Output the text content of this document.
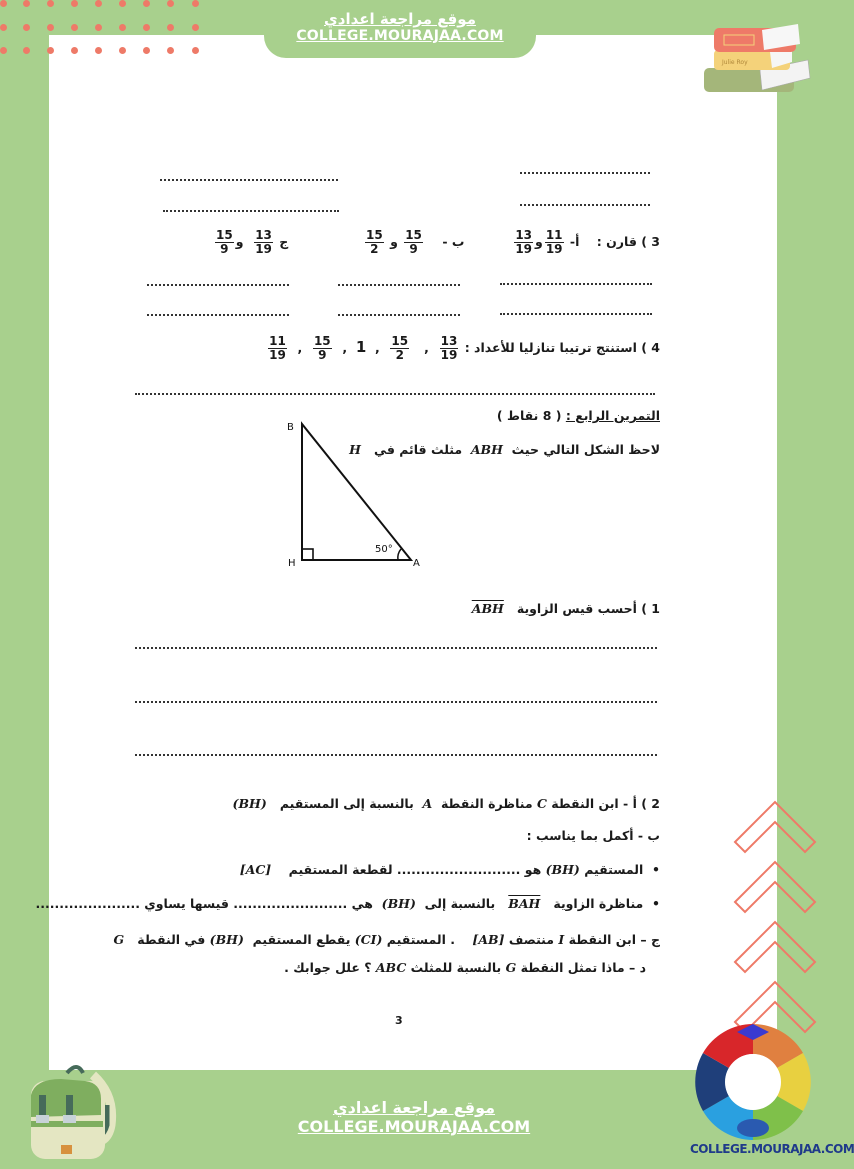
موقع مراجعة اعدادي
COLLEGE.MOURAJAA.COM
Julie Roy
COLLEGE.MOURAJAA.COM
موقع مراجعة اعدادي
COLLEGE.MOURAJAA.COM
3 ) قارن :    أ-
$\frac{11}{19}$
و
$\frac{13}{19}$
ب -
$\frac{15}{9}$
و
$\frac{15}{2}$
ج
$\frac{13}{19}$
و
$\frac{15}{9}$
4 ) استنتج ترتيبا تنازليا للأعداد :
$\frac{13}{19}$
,
$\frac{15}{2}$
,  1  ,
$\frac{15}{9}$
,
$\frac{11}{19}$
التمرين الرابع : ( 8 نقاط )
لاحظ الشكل التالي حيث  ABH  مثلث قائم في   H
B
H	A
50°
1 ) أحسب قيس الزاوية   ABH
2 ) أ - ابن النقطة C مناظرة النقطة  A  بالنسبة إلى المستقيم   (BH)
ب - أكمل بما يناسب :
•  المستقيم (BH) هو .......................... لقطعة المستقيم    [AC]
•  مناظرة الزاوية   BAH   بالنسبة إلى  (BH)  هي ........................ قيسها يساوي ......................
ج – ابن النقطة I منتصف [AB]    . المستقيم (CI) يقطع المستقيم  (BH) في النقطة   G
د – ماذا تمثل النقطة G بالنسبة للمثلث ABC ؟ علل جوابك .
3
